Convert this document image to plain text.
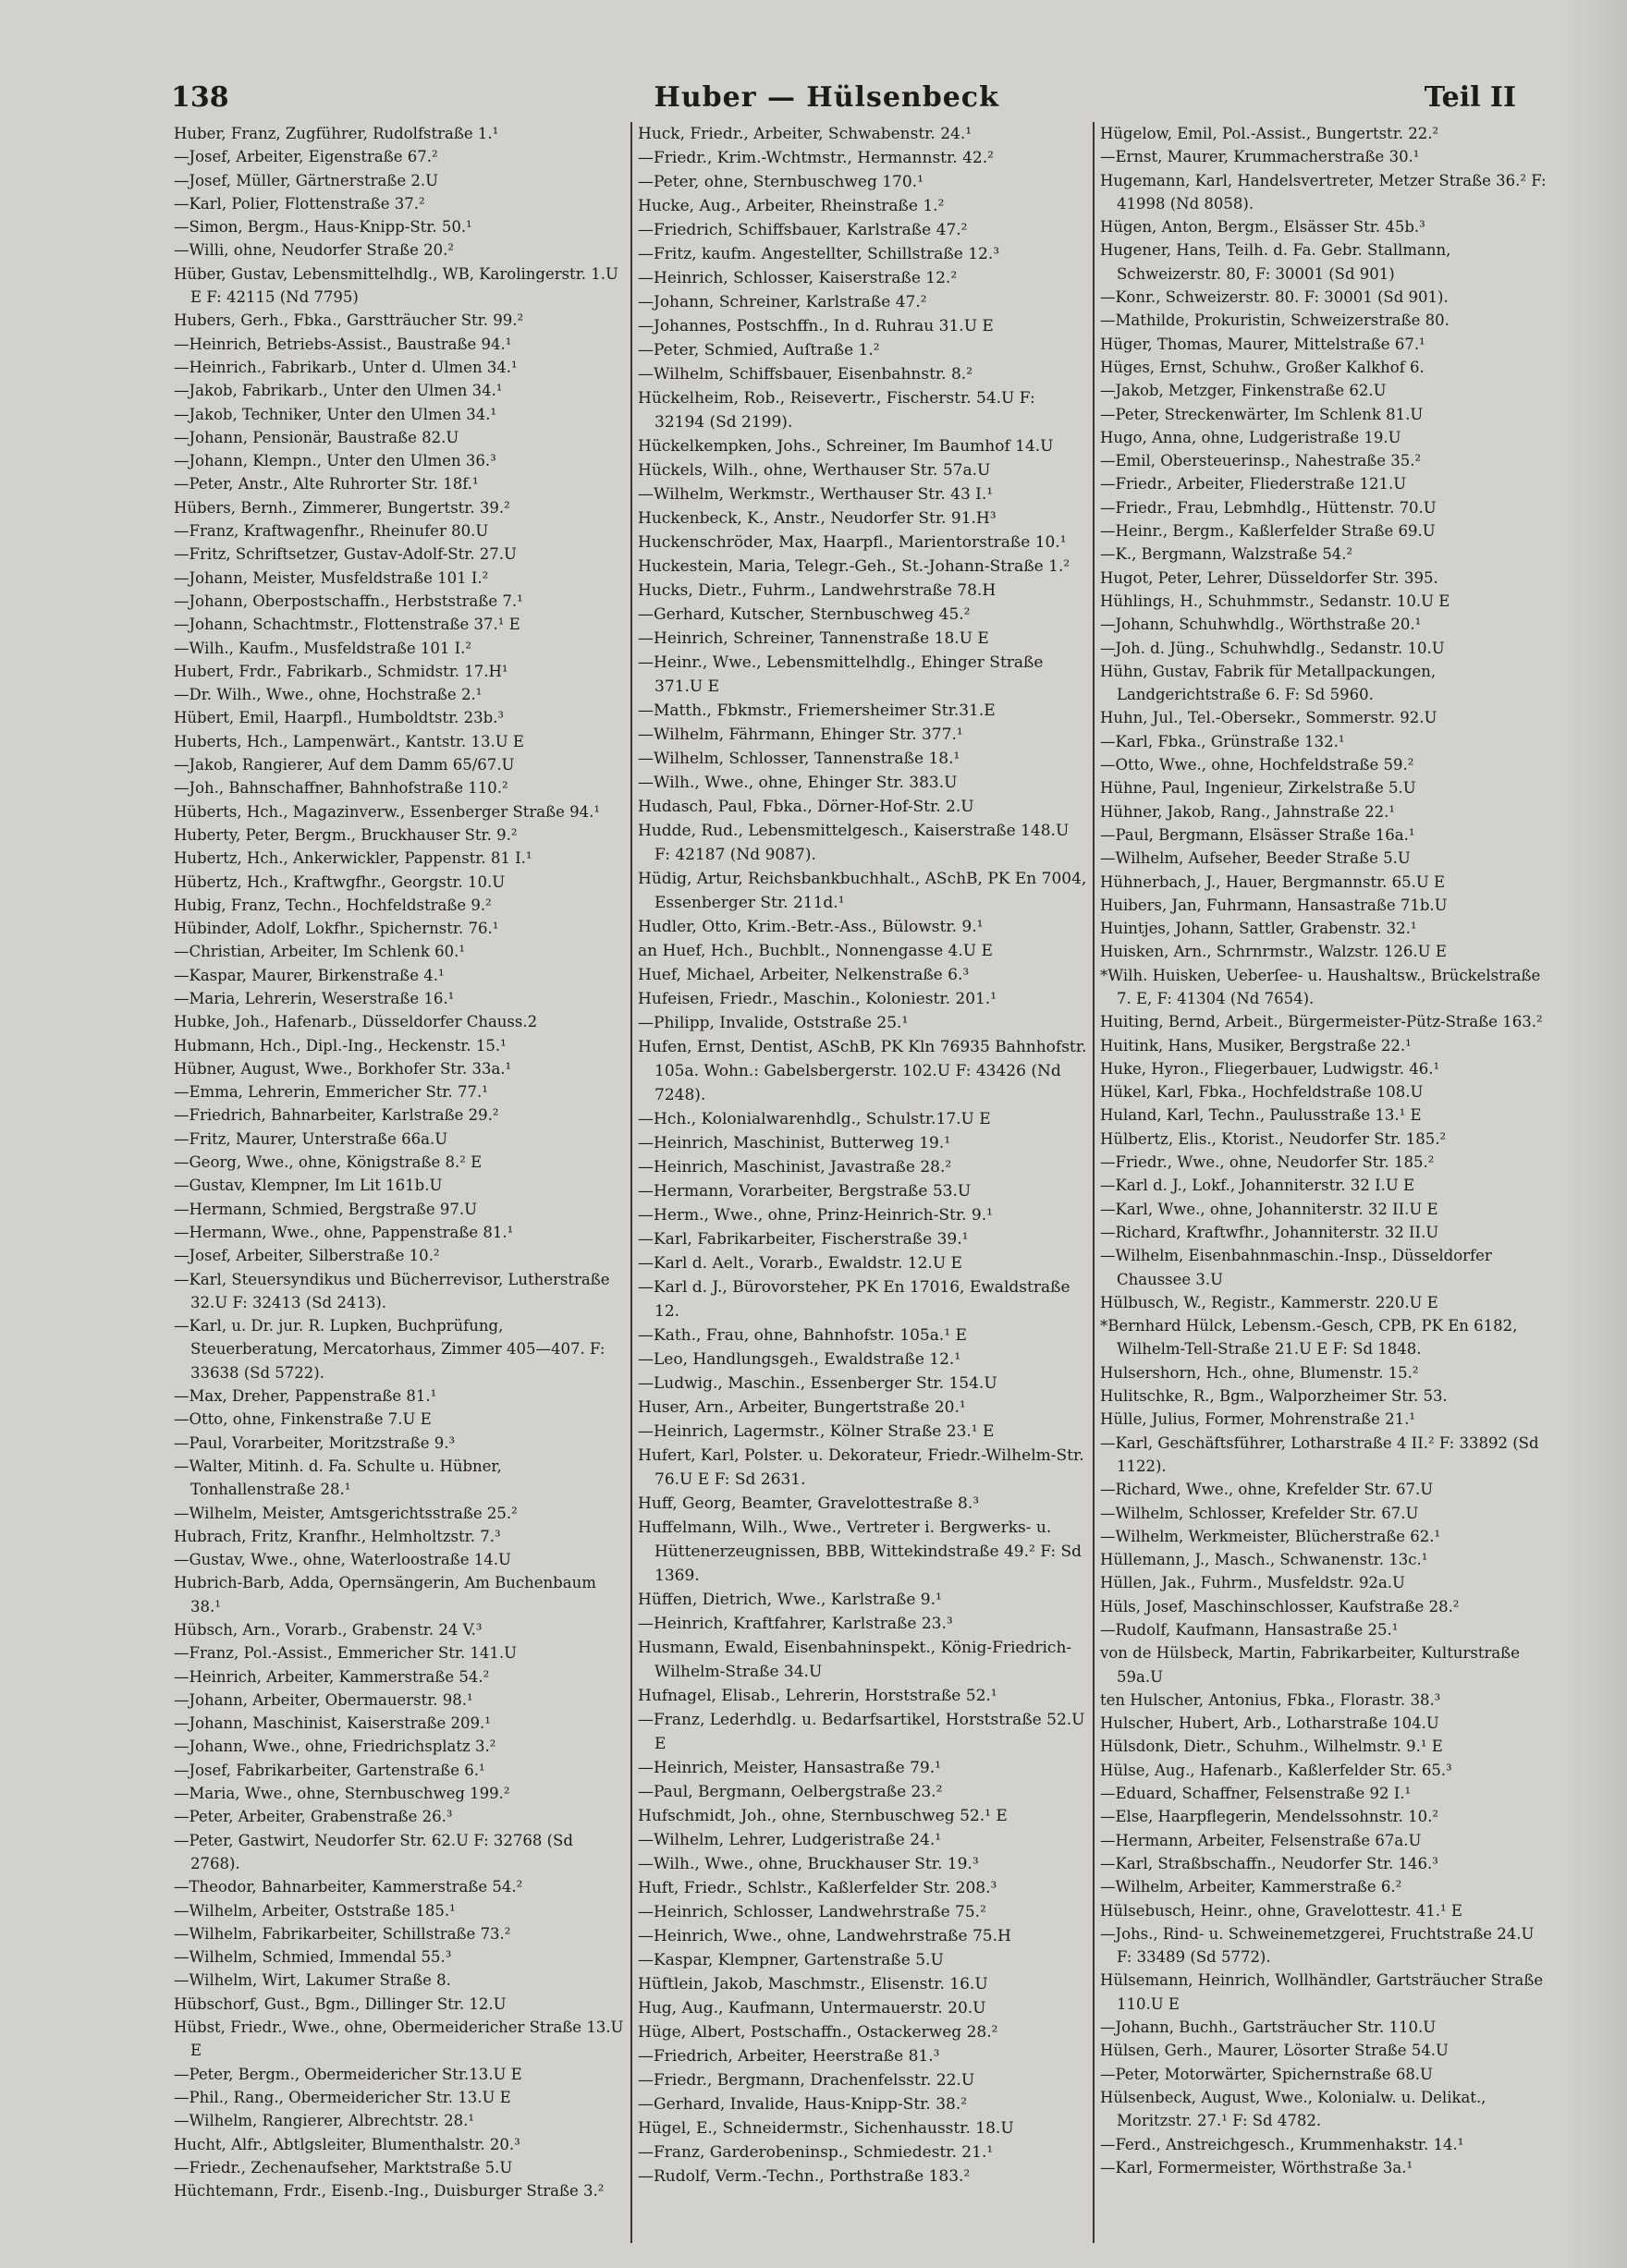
138	Huber — Hülsenbeck	Teil II
Huber, Franz, Zugführer, Rudolfstraße 1.¹
—Josef, Arbeiter, Eigenstraße 67.²
—Josef, Müller, Gärtnerstraße 2.U
—Karl, Polier, Flottenstraße 37.²
—Simon, Bergm., Haus-Knipp-Str. 50.¹
—Willi, ohne, Neudorfer Straße 20.²
Hüber, Gustav, Lebensmittelhdlg., WB, Karolingerstr. 1.U E F: 42115 (Nd 7795)
Hubers, Gerh., Fbka., Garstträucher Str. 99.²
—Heinrich, Betriebs-Assist., Baustraße 94.¹
—Heinrich., Fabrikarb., Unter d. Ulmen 34.¹
—Jakob, Fabrikarb., Unter den Ulmen 34.¹
—Jakob, Techniker, Unter den Ulmen 34.¹
—Johann, Pensionär, Baustraße 82.U
—Johann, Klempn., Unter den Ulmen 36.³
—Peter, Anstr., Alte Ruhrorter Str. 18f.¹
Hübers, Bernh., Zimmerer, Bungertstr. 39.²
—Franz, Kraftwagenfhr., Rheinufer 80.U
—Fritz, Schriftsetzer, Gustav-Adolf-Str. 27.U
—Johann, Meister, Musfeldstraße 101 I.²
—Johann, Oberpostschaffn., Herbststraße 7.¹
—Johann, Schachtmstr., Flottenstraße 37.¹ E
—Wilh., Kaufm., Musfeldstraße 101 I.²
Hubert, Frdr., Fabrikarb., Schmidstr. 17.H¹
—Dr. Wilh., Wwe., ohne, Hochstraße 2.¹
Hübert, Emil, Haarpfl., Humboldtstr. 23b.³
Huberts, Hch., Lampenwärt., Kantstr. 13.U E
—Jakob, Rangierer, Auf dem Damm 65/67.U
—Joh., Bahnschaffner, Bahnhofstraße 110.²
Hüberts, Hch., Magazinverw., Essenberger Straße 94.¹
Huberty, Peter, Bergm., Bruckhauser Str. 9.²
Hubertz, Hch., Ankerwickler, Pappenstr. 81 I.¹
Hübertz, Hch., Kraftwgfhr., Georgstr. 10.U
Hubig, Franz, Techn., Hochfeldstraße 9.²
Hübinder, Adolf, Lokfhr., Spichernstr. 76.¹
—Christian, Arbeiter, Im Schlenk 60.¹
—Kaspar, Maurer, Birkenstraße 4.¹
—Maria, Lehrerin, Weserstraße 16.¹
Hubke, Joh., Hafenarb., Düsseldorfer Chauss.2
Hubmann, Hch., Dipl.-Ing., Heckenstr. 15.¹
Hübner, August, Wwe., Borkhofer Str. 33a.¹
—Emma, Lehrerin, Emmericher Str. 77.¹
—Friedrich, Bahnarbeiter, Karlstraße 29.²
—Fritz, Maurer, Unterstraße 66a.U
—Georg, Wwe., ohne, Königstraße 8.² E
—Gustav, Klempner, Im Lit 161b.U
—Hermann, Schmied, Bergstraße 97.U
—Hermann, Wwe., ohne, Pappenstraße 81.¹
—Josef, Arbeiter, Silberstraße 10.²
—Karl, Steuersyndikus und Bücherrevisor, Lutherstraße 32.U F: 32413 (Sd 2413).
—Karl, u. Dr. jur. R. Lupken, Buchprüfung, Steuerberatung, Mercatorhaus, Zimmer 405—407. F: 33638 (Sd 5722).
—Max, Dreher, Pappenstraße 81.¹
—Otto, ohne, Finkenstraße 7.U E
—Paul, Vorarbeiter, Moritzstraße 9.³
—Walter, Mitinh. d. Fa. Schulte u. Hübner, Tonhallenstraße 28.¹
—Wilhelm, Meister, Amtsgerichtsstraße 25.²
Hubrach, Fritz, Kranfhr., Helmholtzstr. 7.³
—Gustav, Wwe., ohne, Waterloostraße 14.U
Hubrich-Barb, Adda, Opernsängerin, Am Buchenbaum 38.¹
Hübsch, Arn., Vorarb., Grabenstr. 24 V.³
—Franz, Pol.-Assist., Emmericher Str. 141.U
—Heinrich, Arbeiter, Kammerstraße 54.²
—Johann, Arbeiter, Obermauerstr. 98.¹
—Johann, Maschinist, Kaiserstraße 209.¹
—Johann, Wwe., ohne, Friedrichsplatz 3.²
—Josef, Fabrikarbeiter, Gartenstraße 6.¹
—Maria, Wwe., ohne, Sternbuschweg 199.²
—Peter, Arbeiter, Grabenstraße 26.³
—Peter, Gastwirt, Neudorfer Str. 62.U F: 32768 (Sd 2768).
—Theodor, Bahnarbeiter, Kammerstraße 54.²
—Wilhelm, Arbeiter, Oststraße 185.¹
—Wilhelm, Fabrikarbeiter, Schillstraße 73.²
—Wilhelm, Schmied, Immendal 55.³
—Wilhelm, Wirt, Lakumer Straße 8.
Hübschorf, Gust., Bgm., Dillinger Str. 12.U
Hübst, Friedr., Wwe., ohne, Obermeidericher Straße 13.U E
—Peter, Bergm., Obermeidericher Str.13.U E
—Phil., Rang., Obermeidericher Str. 13.U E
—Wilhelm, Rangierer, Albrechtstr. 28.¹
Hucht, Alfr., Abtlgsleiter, Blumenthalstr. 20.³
—Friedr., Zechenaufseher, Marktstraße 5.U
Hüchtemann, Frdr., Eisenb.-Ing., Duisburger Straße 3.²
Huck, Friedr., Arbeiter, Schwabenstr. 24.¹
—Friedr., Krim.-Wchtmstr., Hermannstr. 42.²
—Peter, ohne, Sternbuschweg 170.¹
Hucke, Aug., Arbeiter, Rheinstraße 1.²
—Friedrich, Schiffsbauer, Karlstraße 47.²
—Fritz, kaufm. Angestellter, Schillstraße 12.³
—Heinrich, Schlosser, Kaiserstraße 12.²
—Johann, Schreiner, Karlstraße 47.²
—Johannes, Postschffn., In d. Ruhrau 31.U E
—Peter, Schmied, Auſtraße 1.²
—Wilhelm, Schiffsbauer, Eisenbahnstr. 8.²
Hückelheim, Rob., Reisevertr., Fischerstr. 54.U F: 32194 (Sd 2199).
Hückelkempken, Johs., Schreiner, Im Baumhof 14.U
Hückels, Wilh., ohne, Werthauser Str. 57a.U
—Wilhelm, Werkmstr., Werthauser Str. 43 I.¹
Huckenbeck, K., Anstr., Neudorfer Str. 91.H³
Huckenschröder, Max, Haarpfl., Marientorstraße 10.¹
Huckestein, Maria, Telegr.-Geh., St.-Johann-Straße 1.²
Hucks, Dietr., Fuhrm., Landwehrstraße 78.H
—Gerhard, Kutscher, Sternbuschweg 45.²
—Heinrich, Schreiner, Tannenstraße 18.U E
—Heinr., Wwe., Lebensmittelhdlg., Ehinger Straße 371.U E
—Matth., Fbkmstr., Friemersheimer Str.31.E
—Wilhelm, Fährmann, Ehinger Str. 377.¹
—Wilhelm, Schlosser, Tannenstraße 18.¹
—Wilh., Wwe., ohne, Ehinger Str. 383.U
Hudasch, Paul, Fbka., Dörner-Hof-Str. 2.U
Hudde, Rud., Lebensmittelgesch., Kaiserstraße 148.U F: 42187 (Nd 9087).
Hüdig, Artur, Reichsbankbuchhalt., ASchB, PK En 7004, Essenberger Str. 211d.¹
Hudler, Otto, Krim.-Betr.-Ass., Bülowstr. 9.¹
an Huef, Hch., Buchblt., Nonnengasse 4.U E
Huef, Michael, Arbeiter, Nelkenstraße 6.³
Hufeisen, Friedr., Maschin., Koloniestr. 201.¹
—Philipp, Invalide, Oststraße 25.¹
Hufen, Ernst, Dentist, ASchB, PK Kln 76935 Bahnhofstr. 105a. Wohn.: Gabelsbergerstr. 102.U F: 43426 (Nd 7248).
—Hch., Kolonialwarenhdlg., Schulstr.17.U E
—Heinrich, Maschinist, Butterweg 19.¹
—Heinrich, Maschinist, Javastraße 28.²
—Hermann, Vorarbeiter, Bergstraße 53.U
—Herm., Wwe., ohne, Prinz-Heinrich-Str. 9.¹
—Karl, Fabrikarbeiter, Fischerstraße 39.¹
—Karl d. Aelt., Vorarb., Ewaldstr. 12.U E
—Karl d. J., Bürovorsteher, PK En 17016, Ewaldstraße 12.
—Kath., Frau, ohne, Bahnhofstr. 105a.¹ E
—Leo, Handlungsgeh., Ewaldstraße 12.¹
—Ludwig., Maschin., Essenberger Str. 154.U
Huser, Arn., Arbeiter, Bungertstraße 20.¹
—Heinrich, Lagermstr., Kölner Straße 23.¹ E
Hufert, Karl, Polster. u. Dekorateur, Friedr.-Wilhelm-Str. 76.U E F: Sd 2631.
Huff, Georg, Beamter, Gravelottestraße 8.³
Huffelmann, Wilh., Wwe., Vertreter i. Bergwerks- u. Hüttenerzeugnissen, BBB, Wittekindstraße 49.² F: Sd 1369.
Hüffen, Dietrich, Wwe., Karlstraße 9.¹
—Heinrich, Kraftfahrer, Karlstraße 23.³
Husmann, Ewald, Eisenbahninspekt., König-Friedrich-Wilhelm-Straße 34.U
Hufnagel, Elisab., Lehrerin, Horststraße 52.¹
—Franz, Lederhdlg. u. Bedarfsartikel, Horststraße 52.U E
—Heinrich, Meister, Hansastraße 79.¹
—Paul, Bergmann, Oelbergstraße 23.²
Hufschmidt, Joh., ohne, Sternbuschweg 52.¹ E
—Wilhelm, Lehrer, Ludgeristraße 24.¹
—Wilh., Wwe., ohne, Bruckhauser Str. 19.³
Huft, Friedr., Schlstr., Kaßlerfelder Str. 208.³
—Heinrich, Schlosser, Landwehrstraße 75.²
—Heinrich, Wwe., ohne, Landwehrstraße 75.H
—Kaspar, Klempner, Gartenstraße 5.U
Hüftlein, Jakob, Maschmstr., Elisenstr. 16.U
Hug, Aug., Kaufmann, Untermauerstr. 20.U
Hüge, Albert, Postschaffn., Ostackerweg 28.²
—Friedrich, Arbeiter, Heerstraße 81.³
—Friedr., Bergmann, Drachenfelsstr. 22.U
—Gerhard, Invalide, Haus-Knipp-Str. 38.²
Hügel, E., Schneidermstr., Sichenhausstr. 18.U
—Franz, Garderobeninsp., Schmiedestr. 21.¹
—Rudolf, Verm.-Techn., Porthstraße 183.²
Hügelow, Emil, Pol.-Assist., Bungertstr. 22.²
—Ernst, Maurer, Krummacherstraße 30.¹
Hugemann, Karl, Handelsvertreter, Metzer Straße 36.² F: 41998 (Nd 8058).
Hügen, Anton, Bergm., Elsässer Str. 45b.³
Hugener, Hans, Teilh. d. Fa. Gebr. Stallmann, Schweizerstr. 80, F: 30001 (Sd 901)
—Konr., Schweizerstr. 80. F: 30001 (Sd 901).
—Mathilde, Prokuristin, Schweizerstraße 80.
Hüger, Thomas, Maurer, Mittelstraße 67.¹
Hüges, Ernst, Schuhw., Großer Kalkhof 6.
—Jakob, Metzger, Finkenstraße 62.U
—Peter, Streckenwärter, Im Schlenk 81.U
Hugo, Anna, ohne, Ludgeristraße 19.U
—Emil, Obersteuerinsp., Nahestraße 35.²
—Friedr., Arbeiter, Fliederstraße 121.U
—Friedr., Frau, Lebmhdlg., Hüttenstr. 70.U
—Heinr., Bergm., Kaßlerfelder Straße 69.U
—K., Bergmann, Walzstraße 54.²
Hugot, Peter, Lehrer, Düsseldorfer Str. 395.
Hühlings, H., Schuhmmstr., Sedanstr. 10.U E
—Johann, Schuhwhdlg., Wörthstraße 20.¹
—Joh. d. Jüng., Schuhwhdlg., Sedanstr. 10.U
Hühn, Gustav, Fabrik für Metallpackungen, Landgerichtstraße 6. F: Sd 5960.
Huhn, Jul., Tel.-Obersekr., Sommerstr. 92.U
—Karl, Fbka., Grünstraße 132.¹
—Otto, Wwe., ohne, Hochfeldstraße 59.²
Hühne, Paul, Ingenieur, Zirkelstraße 5.U
Hühner, Jakob, Rang., Jahnstraße 22.¹
—Paul, Bergmann, Elsässer Straße 16a.¹
—Wilhelm, Aufseher, Beeder Straße 5.U
Hühnerbach, J., Hauer, Bergmannstr. 65.U E
Huibers, Jan, Fuhrmann, Hansastraße 71b.U
Huintjes, Johann, Sattler, Grabenstr. 32.¹
Huisken, Arn., Schrnrmstr., Walzstr. 126.U E
*Wilh. Huisken, Ueberſee- u. Haushaltsw., Brückelstraße 7. E, F: 41304 (Nd 7654).
Huiting, Bernd, Arbeit., Bürgermeister-Pütz-Straße 163.²
Huitink, Hans, Musiker, Bergstraße 22.¹
Huke, Hyron., Fliegerbauer, Ludwigstr. 46.¹
Hükel, Karl, Fbka., Hochfeldstraße 108.U
Huland, Karl, Techn., Paulusstraße 13.¹ E
Hülbertz, Elis., Ktorist., Neudorfer Str. 185.²
—Friedr., Wwe., ohne, Neudorfer Str. 185.²
—Karl d. J., Lokf., Johanniterstr. 32 I.U E
—Karl, Wwe., ohne, Johanniterstr. 32 II.U E
—Richard, Kraftwfhr., Johanniterstr. 32 II.U
—Wilhelm, Eisenbahnmaschin.-Insp., Düsseldorfer Chaussee 3.U
Hülbusch, W., Registr., Kammerstr. 220.U E
*Bernhard Hülck, Lebensm.-Gesch, CPB, PK En 6182, Wilhelm-Tell-Straße 21.U E F: Sd 1848.
Hulsershorn, Hch., ohne, Blumenstr. 15.²
Hulitschke, R., Bgm., Walporzheimer Str. 53.
Hülle, Julius, Former, Mohrenstraße 21.¹
—Karl, Geschäftsführer, Lotharstraße 4 II.² F: 33892 (Sd 1122).
—Richard, Wwe., ohne, Krefelder Str. 67.U
—Wilhelm, Schlosser, Krefelder Str. 67.U
—Wilhelm, Werkmeister, Blücherstraße 62.¹
Hüllemann, J., Masch., Schwanenstr. 13c.¹
Hüllen, Jak., Fuhrm., Musfeldstr. 92a.U
Hüls, Josef, Maschinschlosser, Kaufstraße 28.²
—Rudolf, Kaufmann, Hansastraße 25.¹
von de Hülsbeck, Martin, Fabrikarbeiter, Kulturstraße 59a.U
ten Hulscher, Antonius, Fbka., Florastr. 38.³
Hulscher, Hubert, Arb., Lotharstraße 104.U
Hülsdonk, Dietr., Schuhm., Wilhelmstr. 9.¹ E
Hülse, Aug., Hafenarb., Kaßlerfelder Str. 65.³
—Eduard, Schaffner, Felsenstraße 92 I.¹
—Else, Haarpflegerin, Mendelssohnstr. 10.²
—Hermann, Arbeiter, Felsenstraße 67a.U
—Karl, Straßbschaffn., Neudorfer Str. 146.³
—Wilhelm, Arbeiter, Kammerstraße 6.²
Hülsebusch, Heinr., ohne, Gravelottestr. 41.¹ E
—Johs., Rind- u. Schweinemetzgerei, Fruchtstraße 24.U F: 33489 (Sd 5772).
Hülsemann, Heinrich, Wollhändler, Gartsträucher Straße 110.U E
—Johann, Buchh., Gartsträucher Str. 110.U
Hülsen, Gerh., Maurer, Lösorter Straße 54.U
—Peter, Motorwärter, Spichernstraße 68.U
Hülsenbeck, August, Wwe., Kolonialw. u. Delikat., Moritzstr. 27.¹ F: Sd 4782.
—Ferd., Anstreichgesch., Krummenhakstr. 14.¹
—Karl, Formermeister, Wörthstraße 3a.¹
